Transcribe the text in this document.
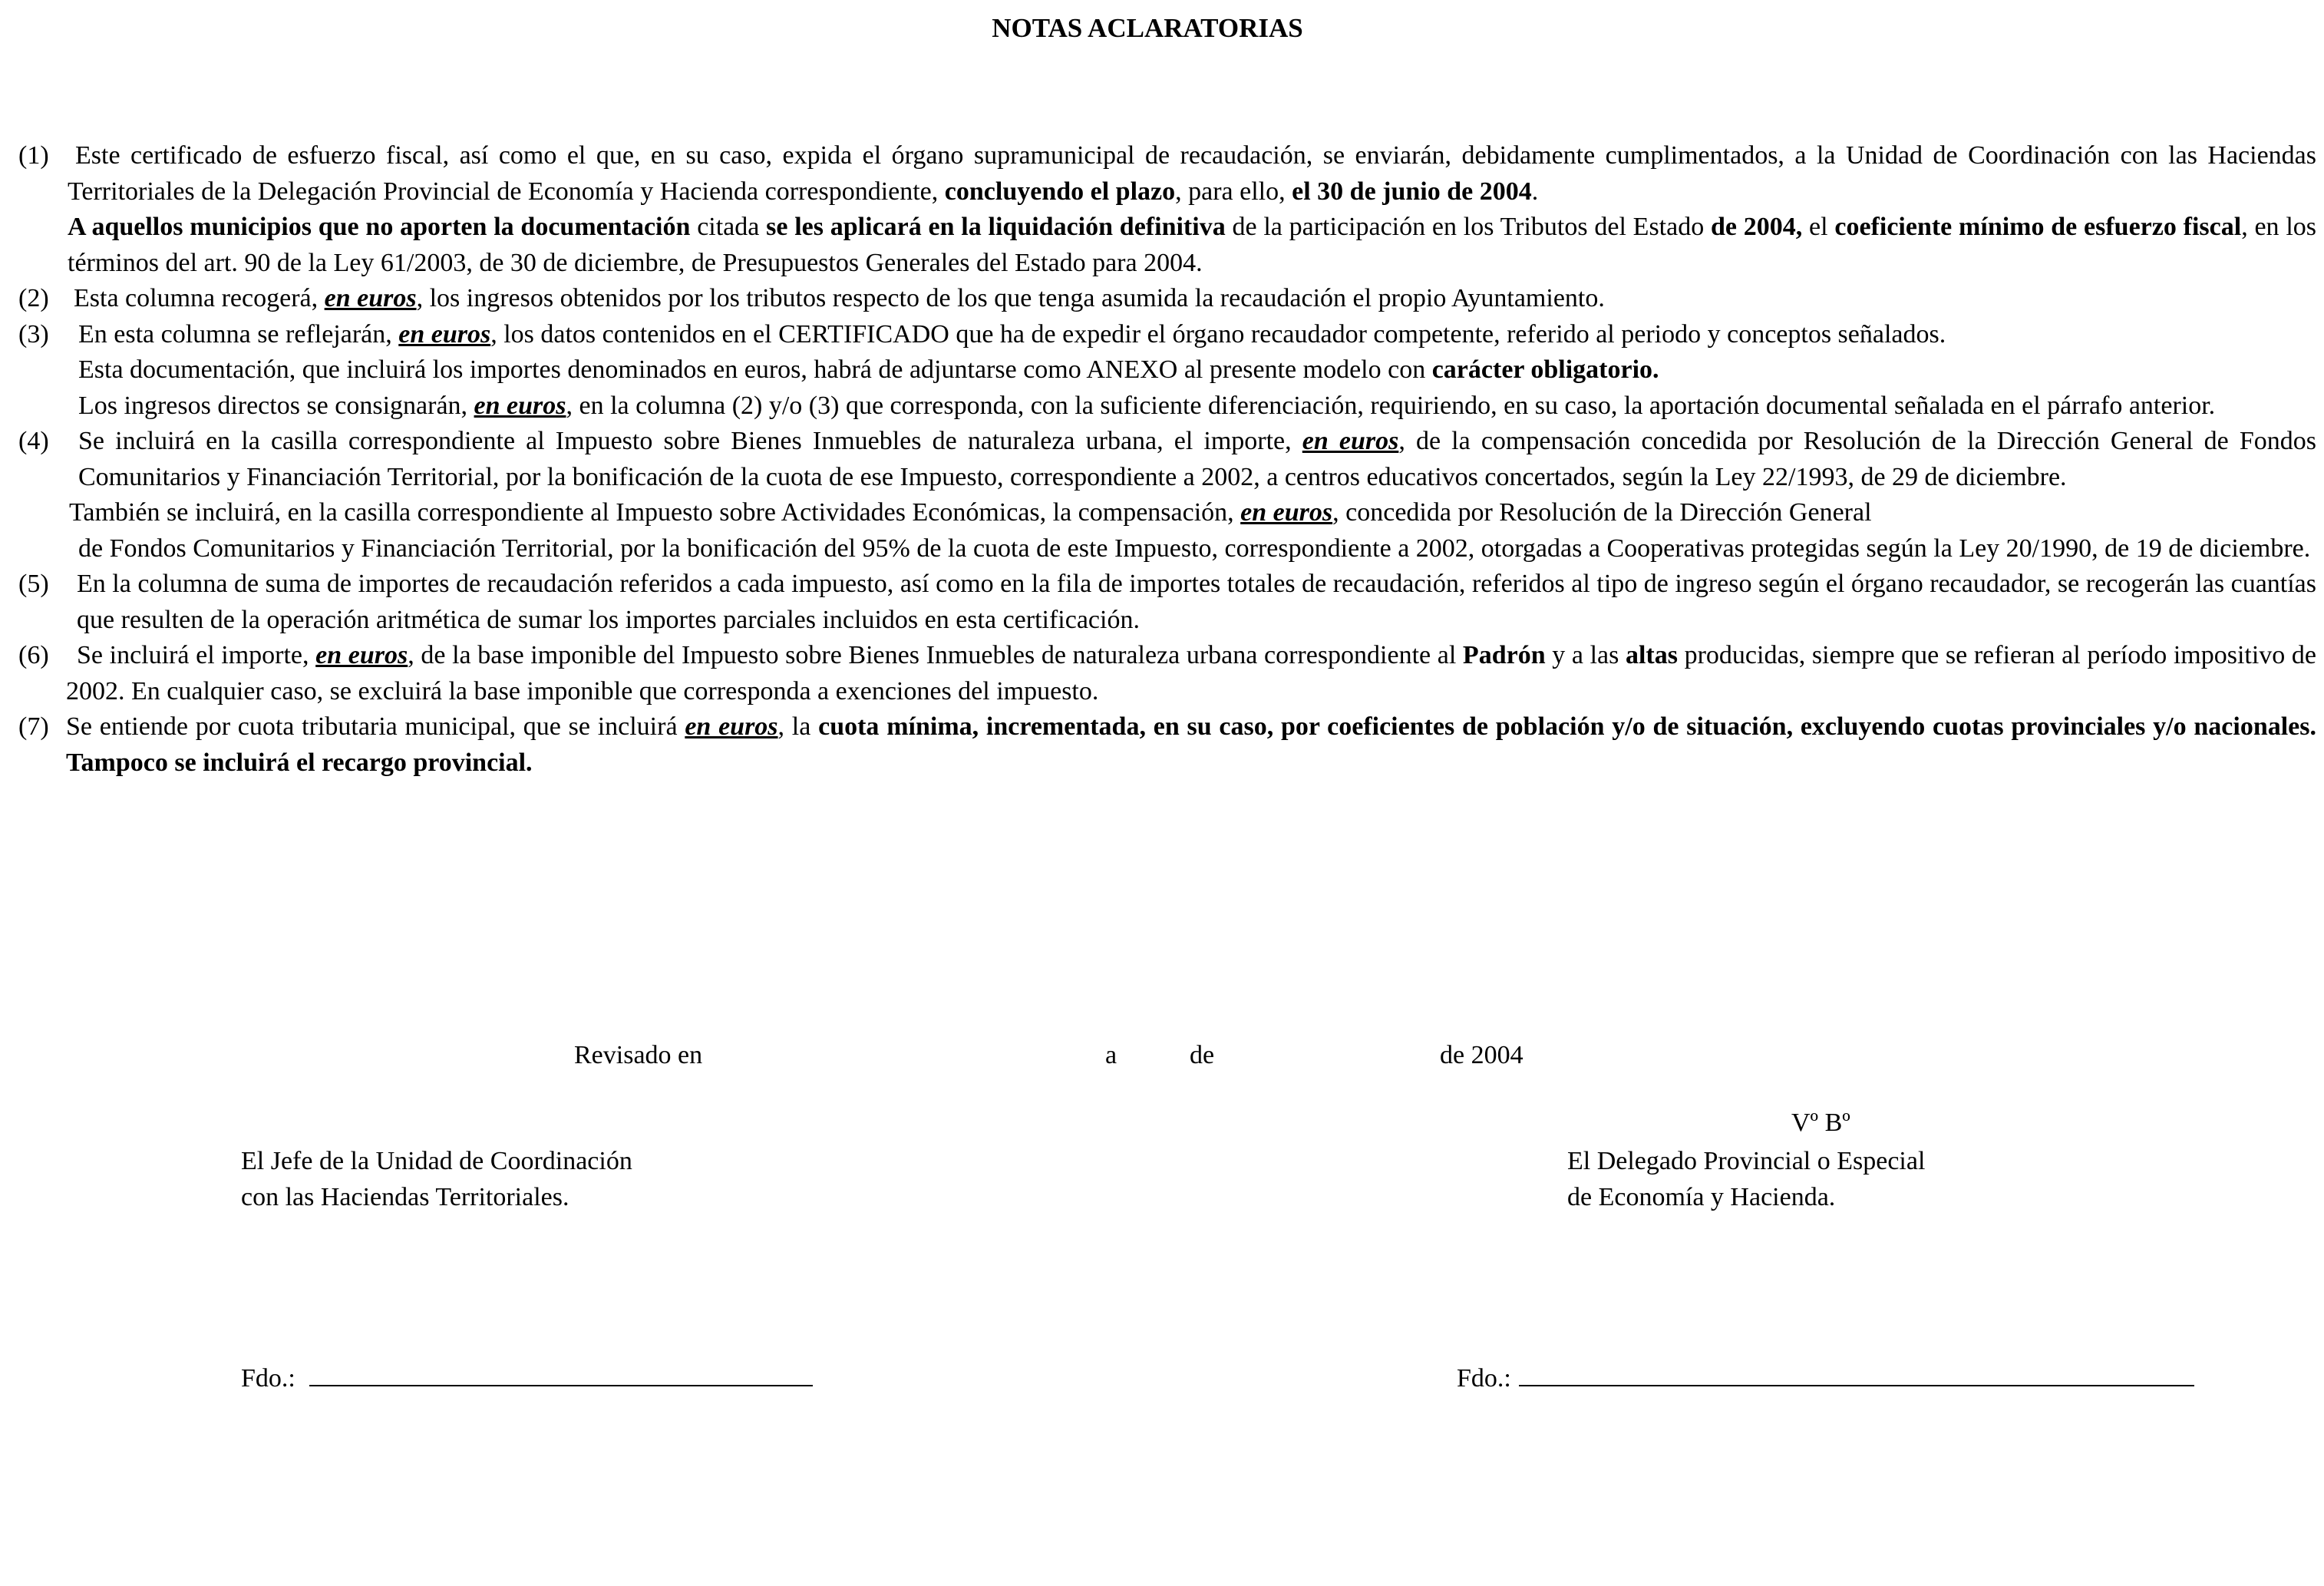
NOTAS ACLARATORIAS
(1)	Este certificado de esfuerzo fiscal, así como el que, en su caso, expida el órgano supramunicipal de recaudación, se enviarán, debidamente cumplimentados, a la Unidad de Coordinación con las Haciendas Territoriales de la Delegación Provincial de Economía y Hacienda correspondiente, concluyendo el plazo, para ello, el 30 de junio de 2004.
A aquellos municipios que no aporten la documentación citada se les aplicará en la liquidación definitiva de la participación en los Tributos del Estado de 2004, el coeficiente mínimo de esfuerzo fiscal, en los términos del art. 90 de la Ley 61/2003, de 30 de diciembre, de Presupuestos Generales del Estado para 2004.
(2) Esta columna recogerá, en euros, los ingresos obtenidos por los tributos respecto de los que tenga asumida la recaudación el propio Ayuntamiento.
(3)	En esta columna se reflejarán, en euros, los datos contenidos en el CERTIFICADO que ha de expedir el órgano recaudador competente, referido al periodo y conceptos señalados.
Esta documentación, que incluirá los importes denominados en euros, habrá de adjuntarse como ANEXO al presente modelo con carácter obligatorio.
Los ingresos directos se consignarán, en euros, en la columna (2) y/o (3) que corresponda, con la suficiente diferenciación, requiriendo, en su caso, la aportación documental señalada en el párrafo anterior.
(4)	Se incluirá en la casilla correspondiente al Impuesto sobre Bienes Inmuebles de naturaleza urbana, el importe, en euros, de la compensación concedida por Resolución de la Dirección General de Fondos Comunitarios y Financiación Territorial, por la bonificación de la cuota de ese Impuesto, correspondiente a 2002, a centros educativos concertados, según la Ley 22/1993, de 29 de diciembre.
También se incluirá, en la casilla correspondiente al Impuesto sobre Actividades Económicas, la compensación, en euros, concedida por Resolución de la Dirección General
de Fondos Comunitarios y Financiación Territorial, por la bonificación del 95% de la cuota de este Impuesto, correspondiente a 2002, otorgadas a Cooperativas protegidas según la Ley 20/1990, de 19 de diciembre.
(5)	En la columna de suma de importes de recaudación referidos a cada impuesto, así como en la fila de importes totales de recaudación, referidos al tipo de ingreso según el órgano recaudador, se recogerán las cuantías que resulten de la operación aritmética de sumar los importes parciales incluidos en esta certificación.
(6)	Se incluirá el importe, en euros, de la base imponible del Impuesto sobre Bienes Inmuebles de naturaleza urbana correspondiente al Padrón y a las altas producidas, siempre que se refieran al período impositivo de 2002. En cualquier caso, se excluirá la base imponible que corresponda a exenciones del impuesto.
(7) Se entiende por cuota tributaria municipal, que se incluirá en euros, la cuota mínima, incrementada, en su caso, por coeficientes de población y/o de situación, excluyendo cuotas provinciales y/o nacionales. Tampoco se incluirá el recargo provincial.
Revisado en	a	de	de 2004
Vº Bº
El Jefe de la Unidad de Coordinación
con las Haciendas Territoriales.
El Delegado Provincial o Especial
de Economía y Hacienda.
Fdo.:	Fdo.:
